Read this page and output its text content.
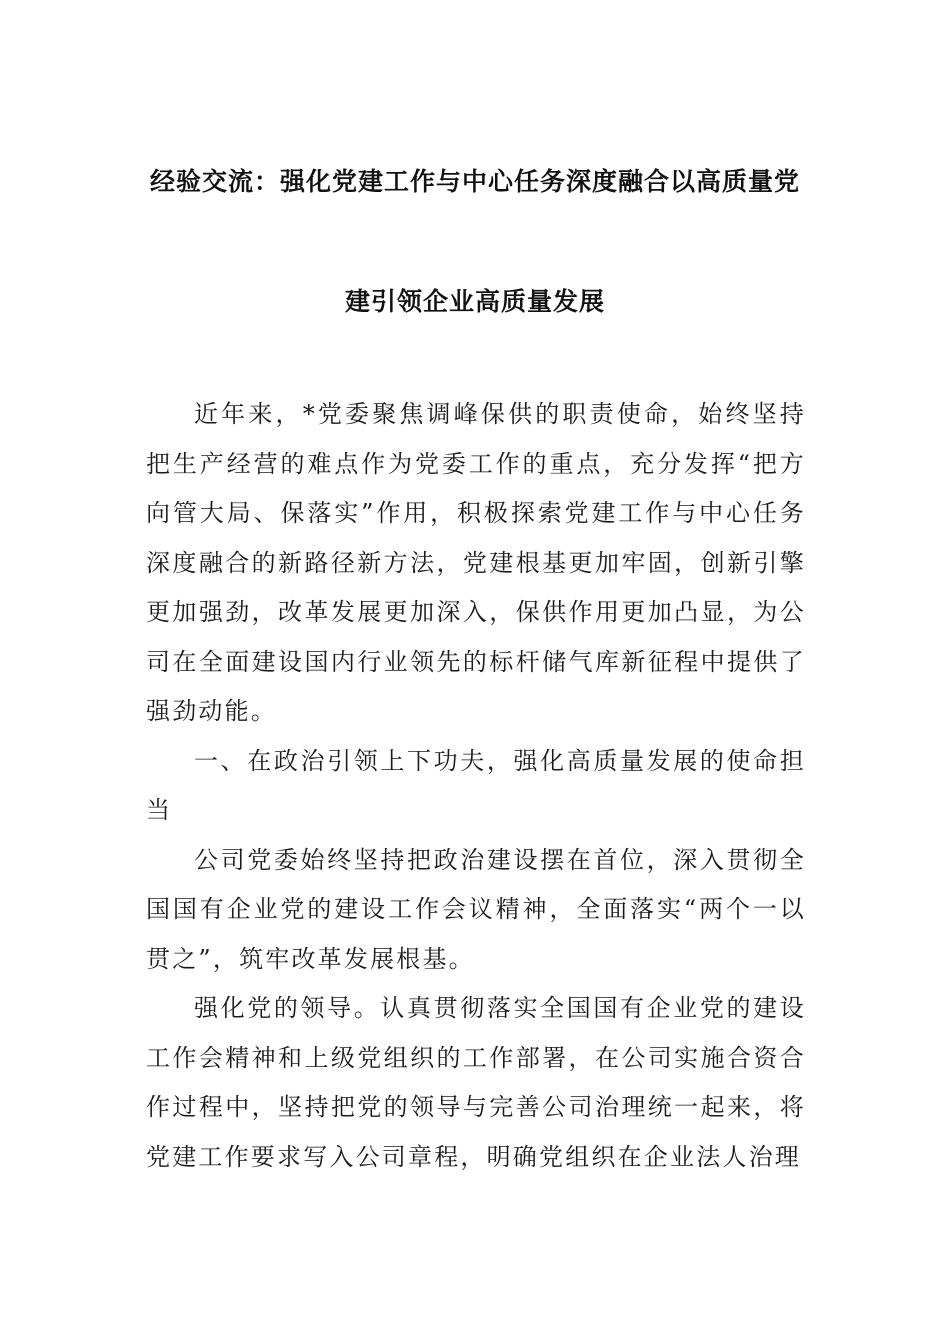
经验交流：强化党建工作与中心任务深度融合以高质量党
建引领企业高质量发展

近年来，*党委聚焦调峰保供的职责使命，始终坚持把生产经营的难点作为党委工作的重点，充分发挥“把方向管大局、保落实”作用，积极探索党建工作与中心任务深度融合的新路径新方法，党建根基更加牢固，创新引擎更加强劲，改革发展更加深入，保供作用更加凸显，为公司在全面建设国内行业领先的标杆储气库新征程中提供了强劲动能。

一、在政治引领上下功夫，强化高质量发展的使命担当

公司党委始终坚持把政治建设摆在首位，深入贯彻全国国有企业党的建设工作会议精神，全面落实“两个一以贯之”，筑牢改革发展根基。

强化党的领导。认真贯彻落实全国国有企业党的建设工作会精神和上级党组织的工作部署，在公司实施合资合作过程中，坚持把党的领导与完善公司治理统一起来，将党建工作要求写入公司章程，明确党组织在企业法人治理
